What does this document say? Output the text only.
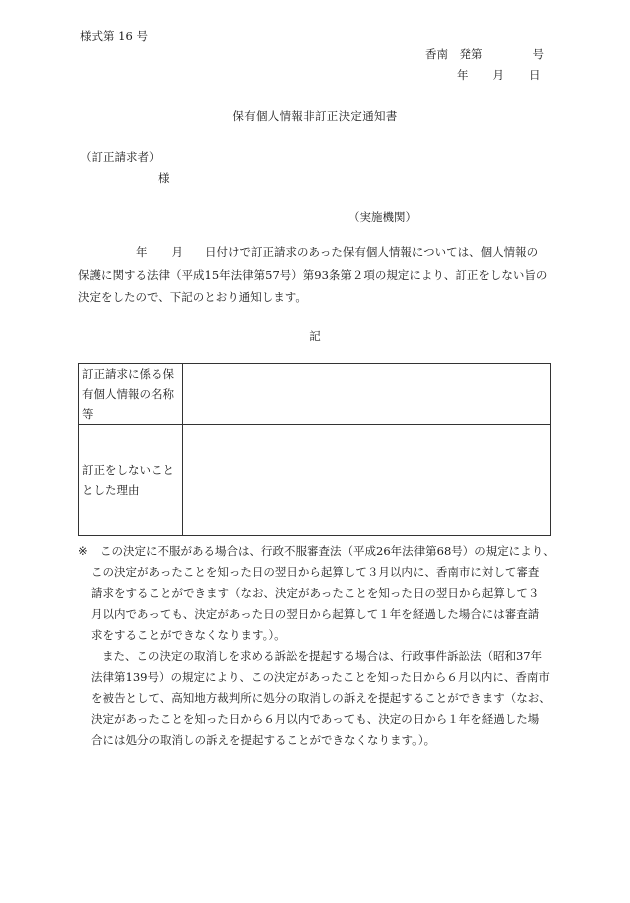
様式第 16 号
香南　発第	号
年 月 日
保有個人情報非訂正決定通知書
（訂正請求者）
様
（実施機関）
年 月 日付けで訂正請求のあった保有個人情報については、個人情報の
保護に関する法律（平成15年法律第57号）第93条第２項の規定により、訂正をしない旨の
決定をしたので、下記のとおり通知します。
記
訂正請求に係る保
有個人情報の名称
等	

訂正をしないこと
とした理由	

※ この決定に不服がある場合は、行政不服審査法（平成26年法律第68号）の規定により、
この決定があったことを知った日の翌日から起算して３月以内に、香南市に対して審査
請求をすることができます（なお、決定があったことを知った日の翌日から起算して３
月以内であっても、決定があった日の翌日から起算して１年を経過した場合には審査請
求をすることができなくなります。）。
また、この決定の取消しを求める訴訟を提起する場合は、行政事件訴訟法（昭和37年
法律第139号）の規定により、この決定があったことを知った日から６月以内に、香南市
を被告として、高知地方裁判所に処分の取消しの訴えを提起することができます（なお、
決定があったことを知った日から６月以内であっても、決定の日から１年を経過した場
合には処分の取消しの訴えを提起することができなくなります。）。
